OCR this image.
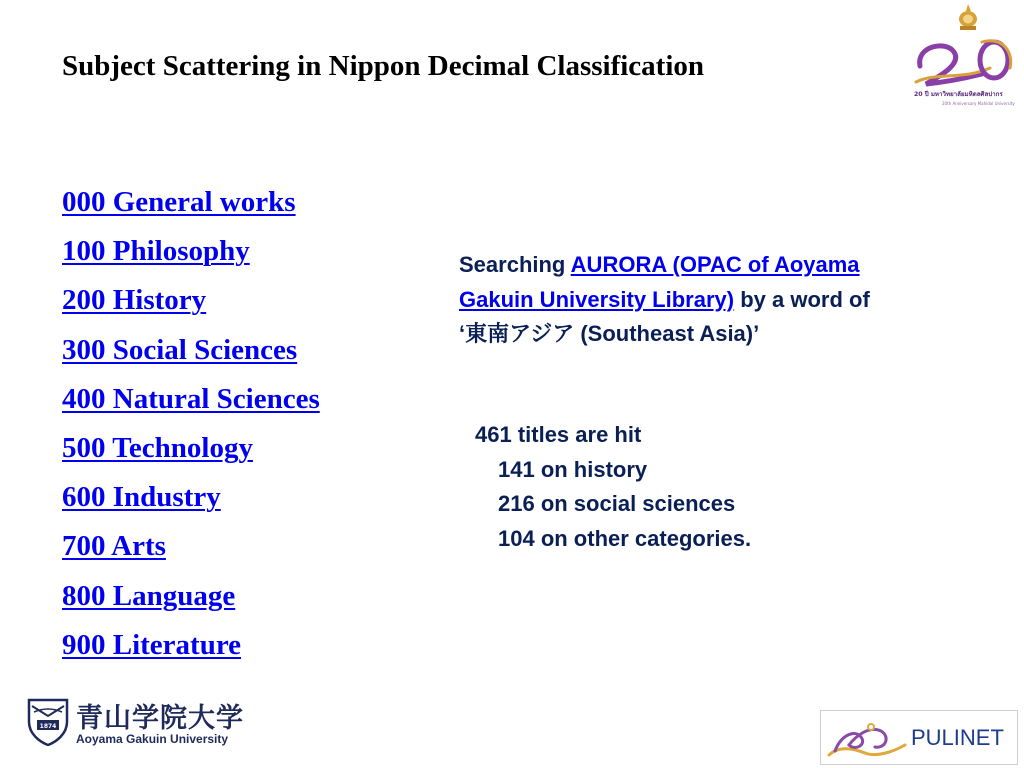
Subject Scattering in Nippon Decimal Classification
000 General works
100 Philosophy
200 History
300 Social Sciences
400 Natural Sciences
500 Technology
600 Industry
700 Arts
800 Language
900 Literature
Searching AURORA (OPAC of Aoyama Gakuin University Library) by a word of ‘東南アジア (Southeast Asia)’
461 titles are hit
141 on history
216 on social sciences
104 on other categories.
20 ปี มหาวิทยาลัยมหิดลศิลปากร
20th Anniversary Mahidol University
1874 青山学院大学
Aoyama Gakuin University	PULINET
